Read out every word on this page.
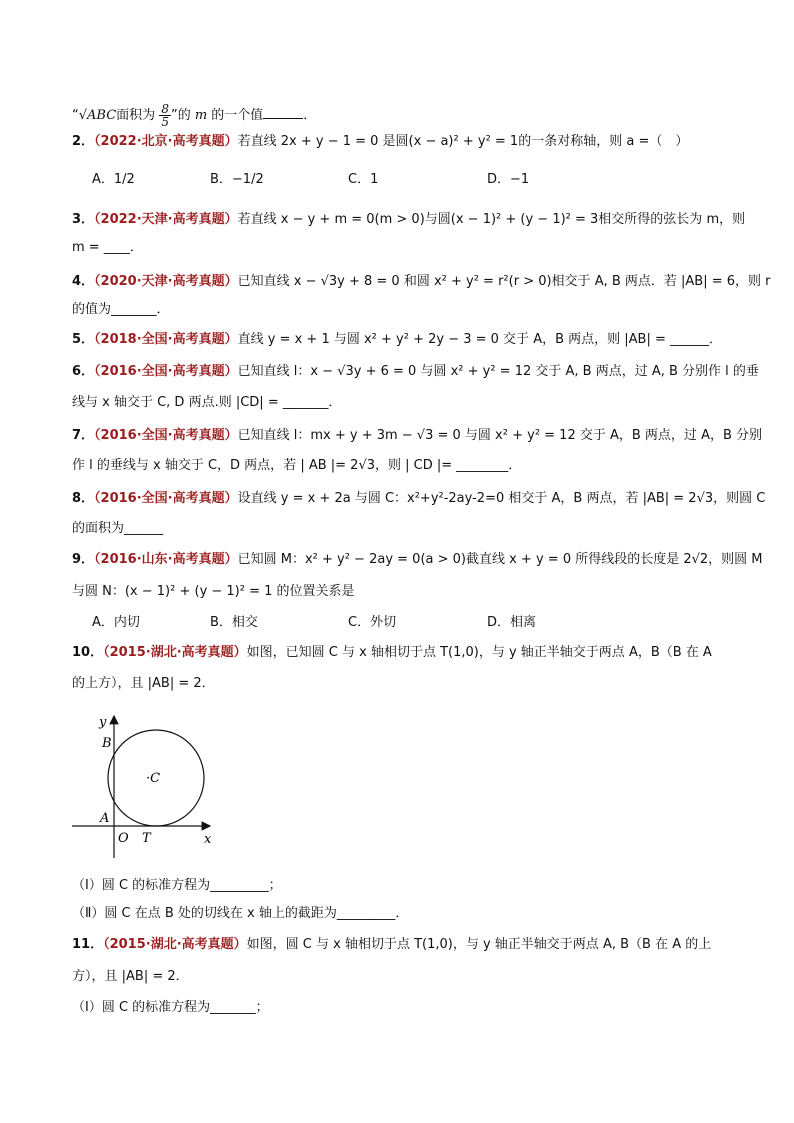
“√ABC面积为 $\frac{8}{5}$ ”的 m 的一个值	．
2．（2022·北京·高考真题）若直线 2x + y − 1 = 0 是圆(x − a)² + y² = 1的一条对称轴，则 a =（　）
A．1/2	B．−1/2	C．1	D．−1
3．（2022·天津·高考真题）若直线 x − y + m = 0(m > 0)与圆(x − 1)² + (y − 1)² = 3相交所得的弦长为 m，则
m = ____．
4．（2020·天津·高考真题）已知直线 x − √3y + 8 = 0 和圆 x² + y² = r²(r > 0)相交于 A, B 两点．若 |AB| = 6，则 r
的值为_______．
5．（2018·全国·高考真题）直线 y = x + 1 与圆 x² + y² + 2y − 3 = 0 交于 A，B 两点，则 |AB| = ______．
6．（2016·全国·高考真题）已知直线 l：x − √3y + 6 = 0 与圆 x² + y² = 12 交于 A, B 两点，过 A, B 分别作 l 的垂
线与 x 轴交于 C, D 两点.则 |CD| = _______．
7．（2016·全国·高考真题）已知直线 l：mx + y + 3m − √3 = 0 与圆 x² + y² = 12 交于 A，B 两点，过 A，B 分别
作 l 的垂线与 x 轴交于 C，D 两点，若 | AB |= 2√3，则 | CD |= ________．
8．（2016·全国·高考真题）设直线 y = x + 2a 与圆 C：x²+y²-2ay-2=0 相交于 A，B 两点，若 |AB| = 2√3，则圆 C
的面积为______
9．（2016·山东·高考真题）已知圆 M：x² + y² − 2ay = 0(a > 0)截直线 x + y = 0 所得线段的长度是 2√2，则圆 M
与圆 N：(x − 1)² + (y − 1)² = 1 的位置关系是
A．内切	B．相交	C．外切	D．相离
10．（2015·湖北·高考真题）如图，已知圆 C 与 x 轴相切于点 T(1,0)，与 y 轴正半轴交于两点 A，B（B 在 A
的上方），且 |AB| = 2．
y
x
B
A
O T
·C
（Ⅰ）圆 C 的标准方程为_________；
（Ⅱ）圆 C 在点 B 处的切线在 x 轴上的截距为_________．
11．（2015·湖北·高考真题）如图，圆 C 与 x 轴相切于点 T(1,0)，与 y 轴正半轴交于两点 A, B（B 在 A 的上
方），且 |AB| = 2．
（Ⅰ）圆 C 的标准方程为_______；
